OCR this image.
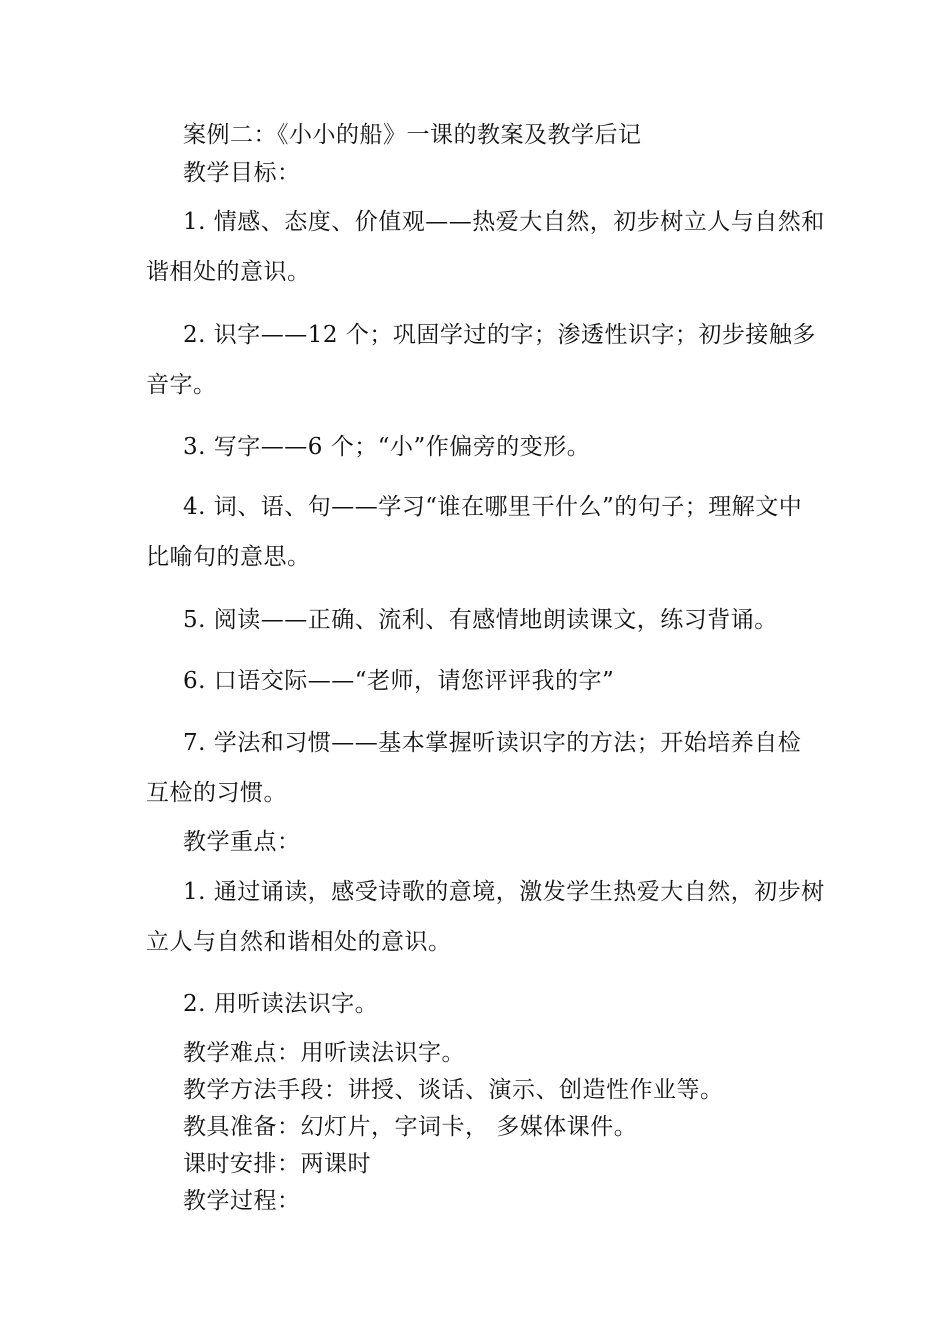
案例二：《小小的船》一课的教案及教学后记
教学目标：
1. 情感、态度、价值观——热爱大自然，初步树立人与自然和
谐相处的意识。
2. 识字——12 个；巩固学过的字；渗透性识字；初步接触多
音字。
3. 写字——6 个；“小”作偏旁的变形。
4. 词、语、句——学习“谁在哪里干什么”的句子；理解文中
比喻句的意思。
5. 阅读——正确、流利、有感情地朗读课文，练习背诵。
6. 口语交际——“老师，请您评评我的字”
7. 学法和习惯——基本掌握听读识字的方法；开始培养自检
互检的习惯。
教学重点：
1. 通过诵读，感受诗歌的意境，激发学生热爱大自然，初步树
立人与自然和谐相处的意识。
2. 用听读法识字。
教学难点：用听读法识字。
教学方法手段：讲授、谈话、演示、创造性作业等。
教具准备：幻灯片，字词卡， 多媒体课件。
课时安排：两课时
教学过程：
